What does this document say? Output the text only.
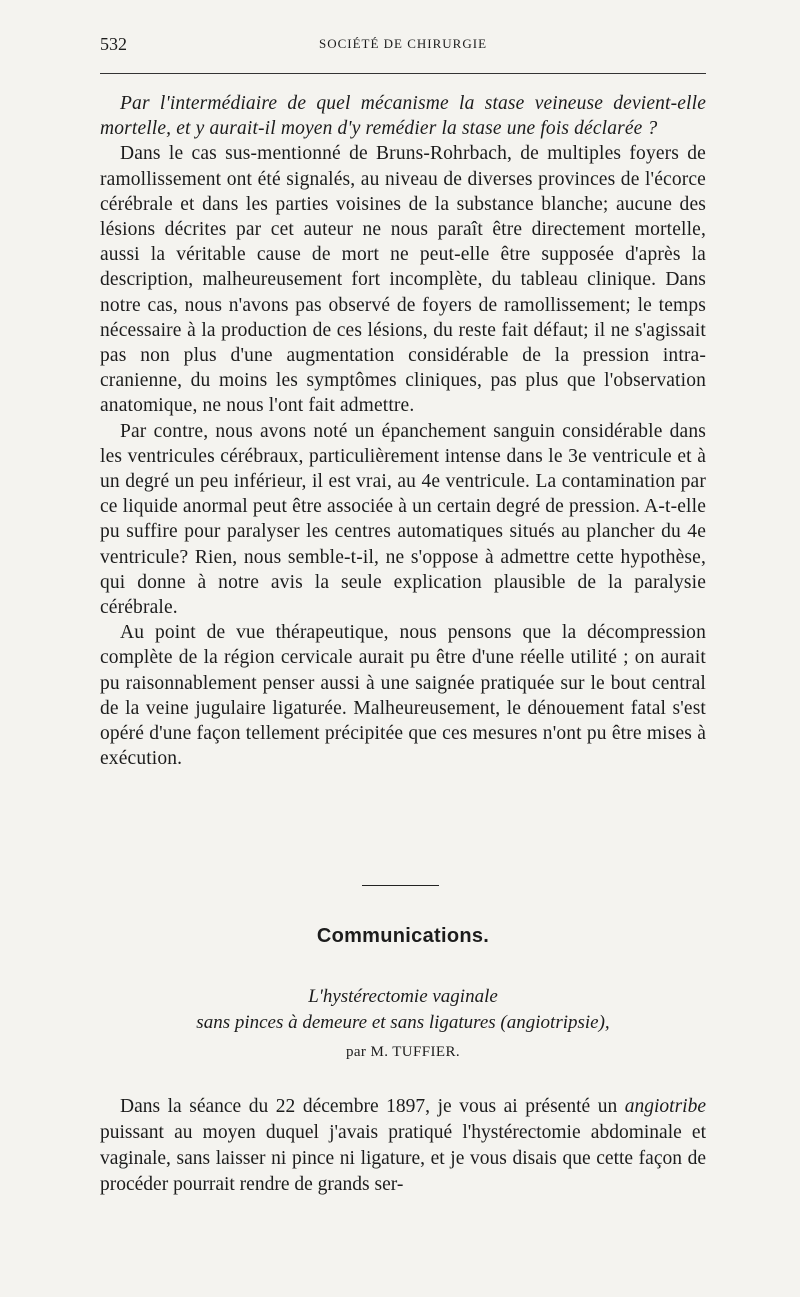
532	SOCIÉTÉ DE CHIRURGIE

Par l'intermédiaire de quel mécanisme la stase veineuse devient-elle mortelle, et y aurait-il moyen d'y remédier la stase une fois déclarée ?

Dans le cas sus-mentionné de Bruns-Rohrbach, de multiples foyers de ramollissement ont été signalés, au niveau de diverses provinces de l'écorce cérébrale et dans les parties voisines de la substance blanche; aucune des lésions décrites par cet auteur ne nous paraît être directement mortelle, aussi la véritable cause de mort ne peut-elle être supposée d'après la description, malheureusement fort incomplète, du tableau clinique. Dans notre cas, nous n'avons pas observé de foyers de ramollissement; le temps nécessaire à la production de ces lésions, du reste fait défaut; il ne s'agissait pas non plus d'une augmentation considérable de la pression intra-cranienne, du moins les symptômes cliniques, pas plus que l'observation anatomique, ne nous l'ont fait admettre.

Par contre, nous avons noté un épanchement sanguin considérable dans les ventricules cérébraux, particulièrement intense dans le 3e ventricule et à un degré un peu inférieur, il est vrai, au 4e ventricule. La contamination par ce liquide anormal peut être associée à un certain degré de pression. A-t-elle pu suffire pour paralyser les centres automatiques situés au plancher du 4e ventricule? Rien, nous semble-t-il, ne s'oppose à admettre cette hypothèse, qui donne à notre avis la seule explication plausible de la paralysie cérébrale.

Au point de vue thérapeutique, nous pensons que la décompression complète de la région cervicale aurait pu être d'une réelle utilité ; on aurait pu raisonnablement penser aussi à une saignée pratiquée sur le bout central de la veine jugulaire ligaturée. Malheureusement, le dénouement fatal s'est opéré d'une façon tellement précipitée que ces mesures n'ont pu être mises à exécution.

Communications.
L'hystérectomie vaginale
sans pinces à demeure et sans ligatures (angiotripsie),
par M. TUFFIER.

Dans la séance du 22 décembre 1897, je vous ai présenté un angiotribe puissant au moyen duquel j'avais pratiqué l'hystérectomie abdominale et vaginale, sans laisser ni pince ni ligature, et je vous disais que cette façon de procéder pourrait rendre de grands ser-
